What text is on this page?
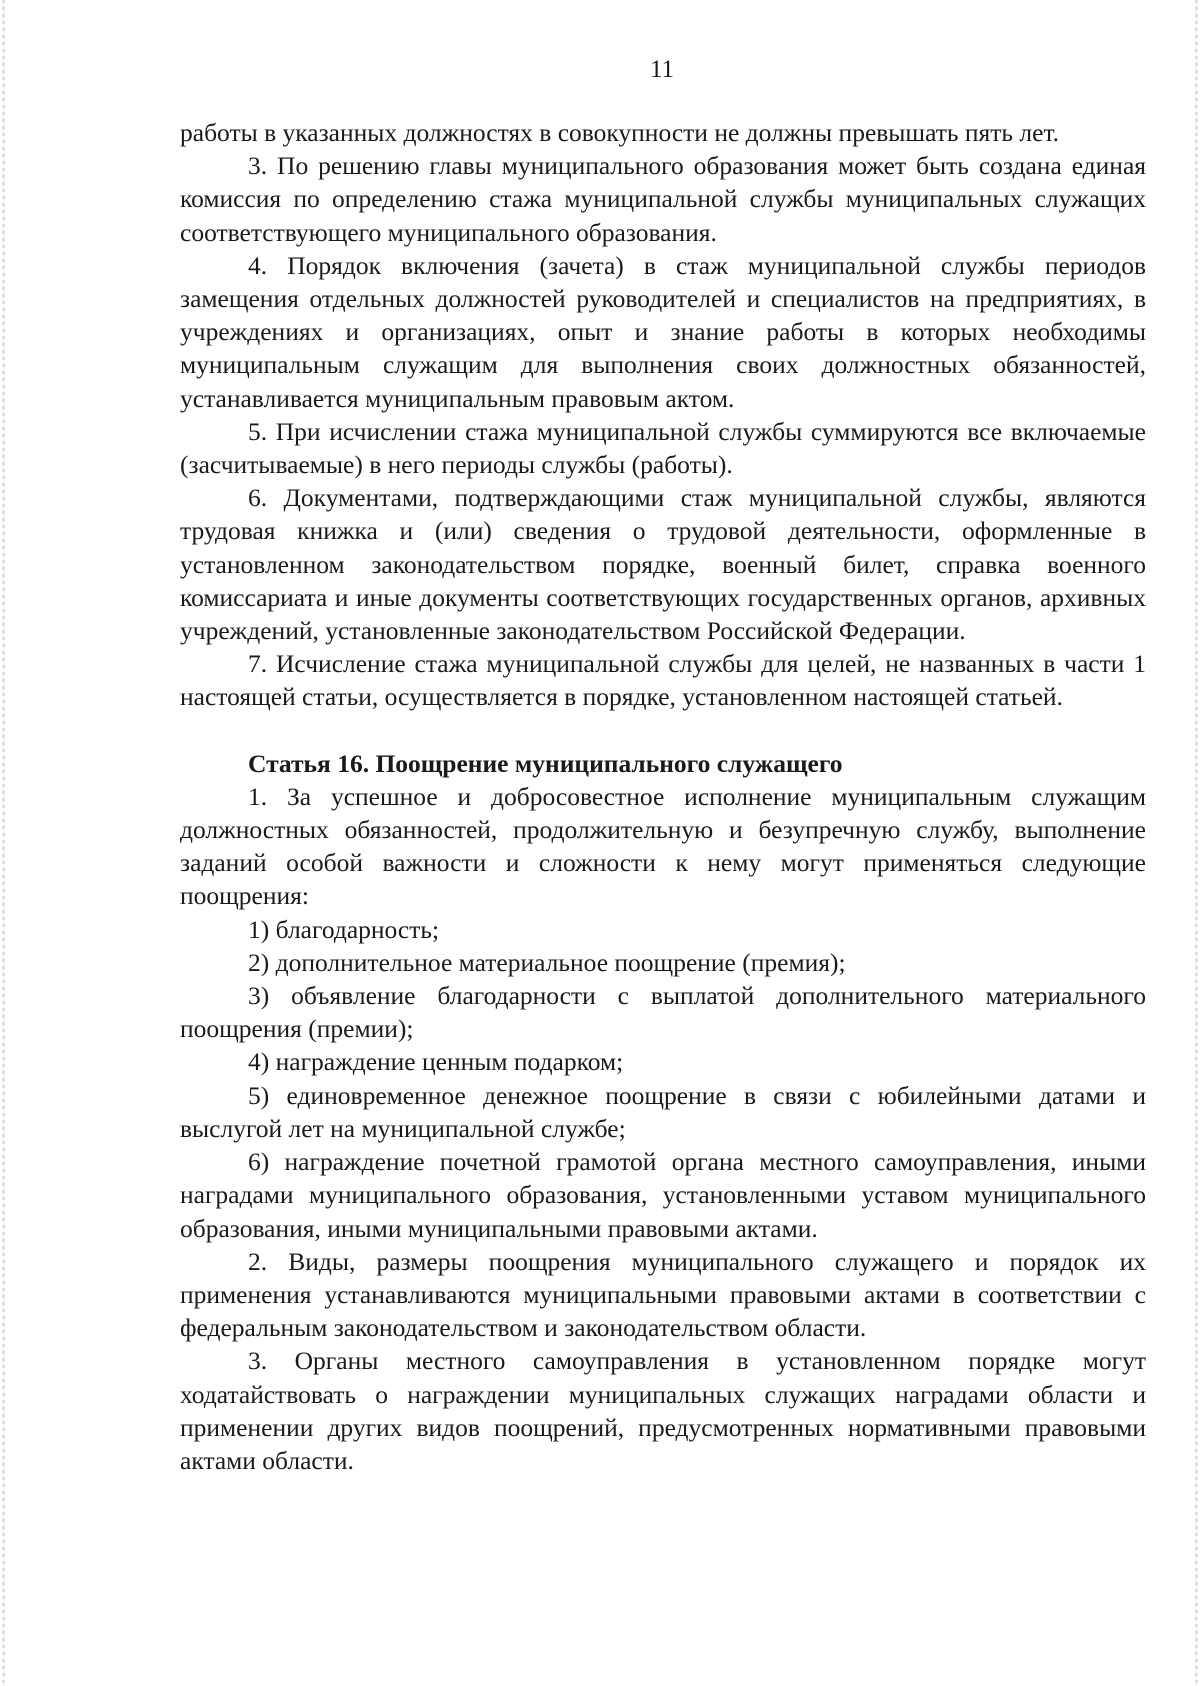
11

работы в указанных должностях в совокупности не должны превышать пять лет.

3. По решению главы муниципального образования может быть создана единая комиссия по определению стажа муниципальной службы муниципальных служащих соответствующего муниципального образования.

4. Порядок включения (зачета) в стаж муниципальной службы периодов замещения отдельных должностей руководителей и специалистов на предприятиях, в учреждениях и организациях, опыт и знание работы в которых необходимы муниципальным служащим для выполнения своих должностных обязанностей, устанавливается муниципальным правовым актом.

5. При исчислении стажа муниципальной службы суммируются все включаемые (засчитываемые) в него периоды службы (работы).

6. Документами, подтверждающими стаж муниципальной службы, являются трудовая книжка и (или) сведения о трудовой деятельности, оформленные в установленном законодательством порядке, военный билет, справка военного комиссариата и иные документы соответствующих государственных органов, архивных учреждений, установленные законодательством Российской Федерации.

7. Исчисление стажа муниципальной службы для целей, не названных в части 1 настоящей статьи, осуществляется в порядке, установленном настоящей статьей.

Статья 16. Поощрение муниципального служащего

1. За успешное и добросовестное исполнение муниципальным служащим должностных обязанностей, продолжительную и безупречную службу, выполнение заданий особой важности и сложности к нему могут применяться следующие поощрения:

1) благодарность;

2) дополнительное материальное поощрение (премия);

3) объявление благодарности с выплатой дополнительного материального поощрения (премии);

4) награждение ценным подарком;

5) единовременное денежное поощрение в связи с юбилейными датами и выслугой лет на муниципальной службе;

6) награждение почетной грамотой органа местного самоуправления, иными наградами муниципального образования, установленными уставом муниципального образования, иными муниципальными правовыми актами.

2. Виды, размеры поощрения муниципального служащего и порядок их применения устанавливаются муниципальными правовыми актами в соответствии с федеральным законодательством и законодательством области.

3. Органы местного самоуправления в установленном порядке могут ходатайствовать о награждении муниципальных служащих наградами области и применении других видов поощрений, предусмотренных нормативными правовыми актами области.
